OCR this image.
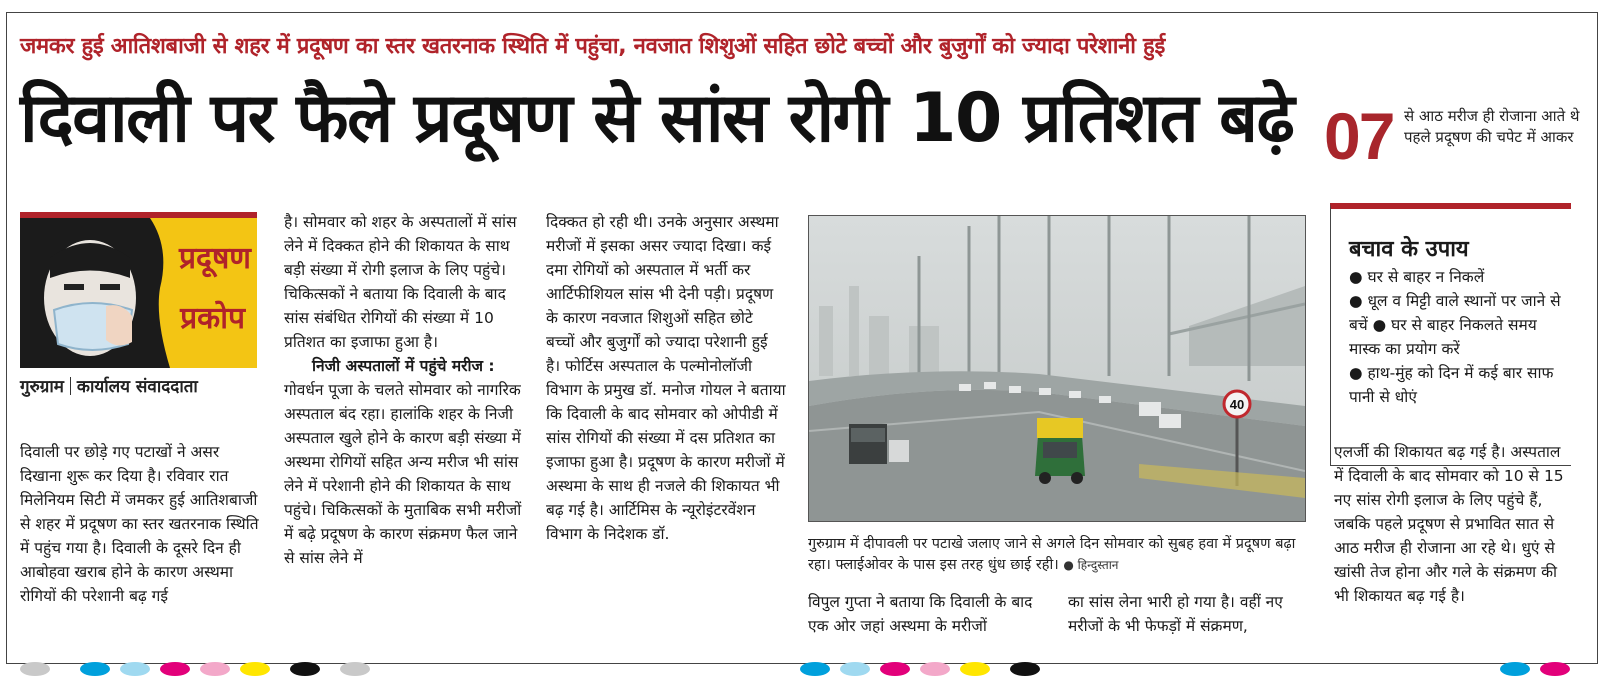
जमकर हुई आतिशबाजी से शहर में प्रदूषण का स्तर खतरनाक स्थिति में पहुंचा, नवजात शिशुओं सहित छोटे बच्चों और बुजुर्गों को ज्यादा परेशानी हुई
दिवाली पर फैले प्रदूषण से सांस रोगी 10 प्रतिशत बढ़े 07 से आठ मरीज ही रोजाना आते थे पहले प्रदूषण की चपेट में आकर
प्रदूषण
प्रकोप
गुरुग्राम कार्यालय संवाददाता

दिवाली पर छोड़े गए पटाखों ने असर दिखाना शुरू कर दिया है। रविवार रात मिलेनियम सिटी में जमकर हुई आतिशबाजी से शहर में प्रदूषण का स्तर खतरनाक स्थिति में पहुंच गया है। दिवाली के दूसरे दिन ही आबोहवा खराब होने के कारण अस्थमा रोगियों की परेशानी बढ़ गई

है। सोमवार को शहर के अस्पतालों में सांस लेने में दिक्कत होने की शिकायत के साथ बड़ी संख्या में रोगी इलाज के लिए पहुंचे। चिकित्सकों ने बताया कि दिवाली के बाद सांस संबंधित रोगियों की संख्या में 10 प्रतिशत का इजाफा हुआ है।

निजी अस्पतालों में पहुंचे मरीज :

गोवर्धन पूजा के चलते सोमवार को नागरिक अस्पताल बंद रहा। हालांकि शहर के निजी अस्पताल खुले होने के कारण बड़ी संख्या में अस्थमा रोगियों सहित अन्य मरीज भी सांस लेने में परेशानी होने की शिकायत के साथ पहुंचे। चिकित्सकों के मुताबिक सभी मरीजों में बढ़े प्रदूषण के कारण संक्रमण फैल जाने से सांस लेने में

दिक्कत हो रही थी। उनके अनुसार अस्थमा मरीजों में इसका असर ज्यादा दिखा। कई दमा रोगियों को अस्पताल में भर्ती कर आर्टिफीशियल सांस भी देनी पड़ी। प्रदूषण के कारण नवजात शिशुओं सहित छोटे बच्चों और बुजुर्गों को ज्यादा परेशानी हुई है। फोर्टिस अस्पताल के पल्मोनोलॉजी विभाग के प्रमुख डॉ. मनोज गोयल ने बताया कि दिवाली के बाद सोमवार को ओपीडी में सांस रोगियों की संख्या में दस प्रतिशत का इजाफा हुआ है। प्रदूषण के कारण मरीजों में अस्थमा के साथ ही नजले की शिकायत भी बढ़ गई है। आर्टिमिस के न्यूरोइंटरवेंशन विभाग के निदेशक डॉ.

40
गुरुग्राम में दीपावली पर पटाखे जलाए जाने से अगले दिन सोमवार को सुबह हवा में प्रदूषण बढ़ा रहा। फ्लाईओवर के पास इस तरह धुंध छाई रही। ● हिन्दुस्तान

विपुल गुप्ता ने बताया कि दिवाली के बाद एक ओर जहां अस्थमा के मरीजों

का सांस लेना भारी हो गया है। वहीं नए मरीजों के भी फेफड़ों में संक्रमण,

बचाव के उपाय

● घर से बाहर न निकलें

● धूल व मिट्टी वाले स्थानों पर जाने से बचें ● घर से बाहर निकलते समय मास्क का प्रयोग करें

● हाथ-मुंह को दिन में कई बार साफ पानी से धोएं

एलर्जी की शिकायत बढ़ गई है। अस्पताल में दिवाली के बाद सोमवार को 10 से 15 नए सांस रोगी इलाज के लिए पहुंचे हैं, जबकि पहले प्रदूषण से प्रभावित सात से आठ मरीज ही रोजाना आ रहे थे। धुएं से खांसी तेज होना और गले के संक्रमण की भी शिकायत बढ़ गई है।
